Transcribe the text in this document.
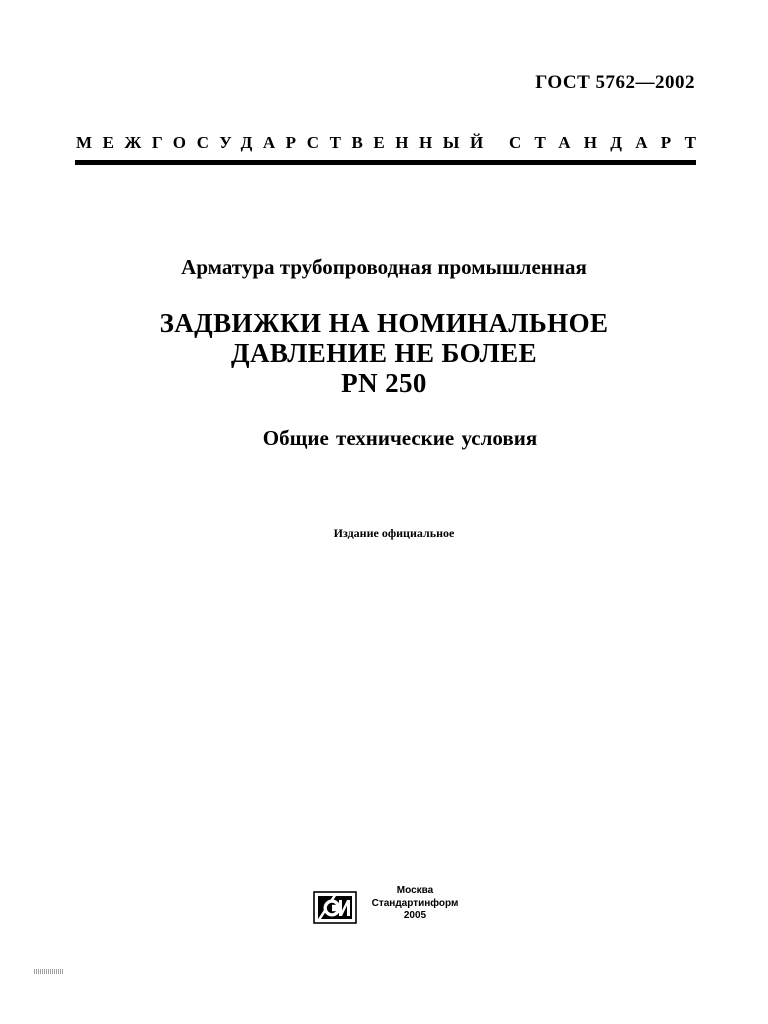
ГОСТ 5762—2002
МЕЖГОСУДАРСТВЕННЫЙ СТАНДАРТ
Арматура трубопроводная промышленная
ЗАДВИЖКИ НА НОМИНАЛЬНОЕ
ДАВЛЕНИЕ НЕ БОЛЕЕ
PN 250
Общие технические условия
Издание официальное
Москва
Стандартинформ
2005
